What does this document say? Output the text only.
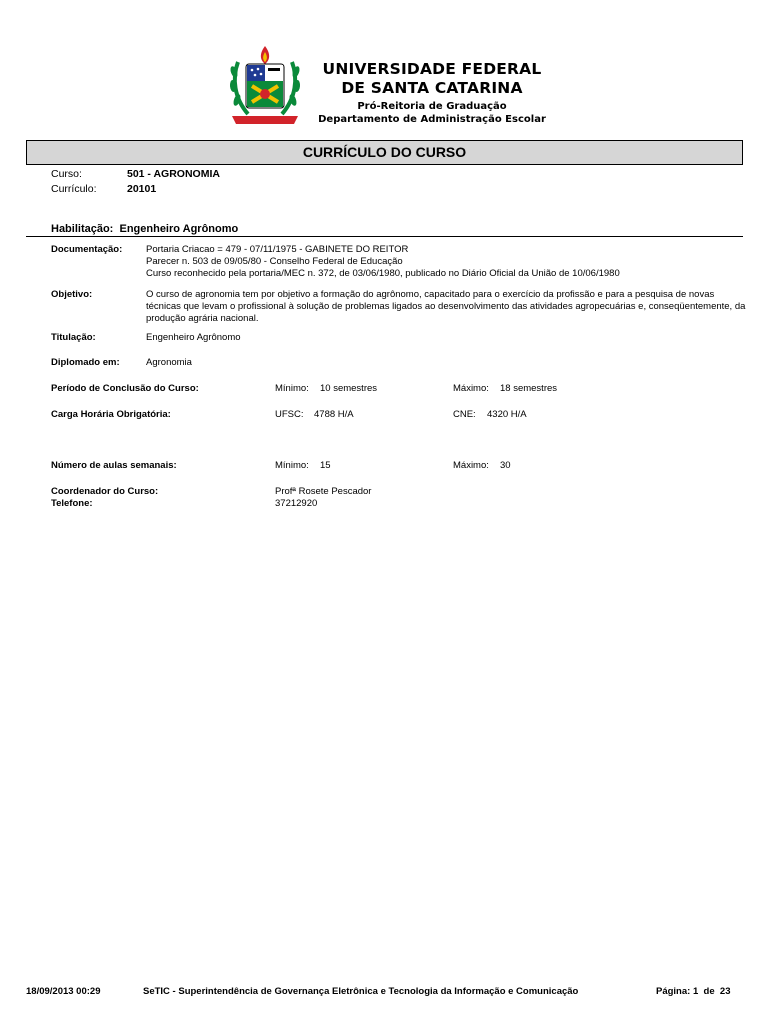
UNIVERSIDADE FEDERAL
DE SANTA CATARINA
Pró-Reitoria de Graduação
Departamento de Administração Escolar
CURRÍCULO DO CURSO
Curso:	501 - AGRONOMIA
Currículo:	20101
Habilitação: Engenheiro Agrônomo
Documentação: Portaria Criacao = 479 - 07/11/1975 - GABINETE DO REITOR
Parecer n. 503 de 09/05/80 - Conselho Federal de Educação
Curso reconhecido pela portaria/MEC n. 372, de 03/06/1980, publicado no Diário Oficial da União de 10/06/1980
Objetivo:	O curso de agronomia tem por objetivo a formação do agrônomo, capacitado para o exercício da profissão e para a pesquisa de novas técnicas que levam o profissional à solução de problemas ligados ao desenvolvimento das atividades agropecuárias e, conseqüentemente, da produção agrária nacional.
Titulação:	Engenheiro Agrônomo
Diplomado em:	Agronomia
Período de Conclusão do Curso:	Mínimo: 10 semestres	Máximo: 18 semestres
Carga Horária Obrigatória:	UFSC: 4788 H/A	CNE: 4320 H/A
Número de aulas semanais:	Mínimo: 15	Máximo: 30
Coordenador do Curso:	Profª Rosete Pescador
Telefone:	37212920
18/09/2013 00:29	SeTIC - Superintendência de Governança Eletrônica e Tecnologia da Informação e Comunicação	Página: 1 de 23
